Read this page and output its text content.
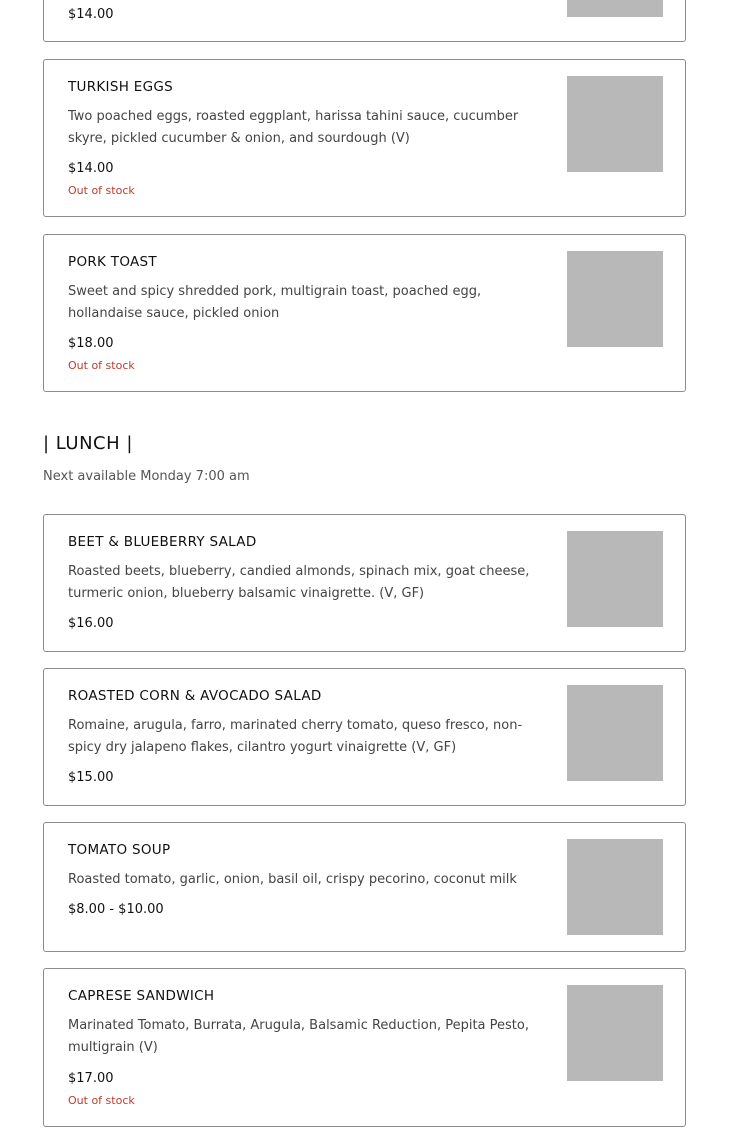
$14.00
TURKISH EGGS
Two poached eggs, roasted eggplant, harissa tahini sauce, cucumber skyre, pickled cucumber & onion, and sourdough (V)
$14.00
Out of stock
PORK TOAST
Sweet and spicy shredded pork, multigrain toast, poached egg, hollandaise sauce, pickled onion
$18.00
Out of stock
| LUNCH |
Next available Monday 7:00 am
BEET & BLUEBERRY SALAD
Roasted beets, blueberry, candied almonds, spinach mix, goat cheese, turmeric onion, blueberry balsamic vinaigrette. (V, GF)
$16.00
ROASTED CORN & AVOCADO SALAD
Romaine, arugula, farro, marinated cherry tomato, queso fresco, non-spicy dry jalapeno flakes, cilantro yogurt vinaigrette (V, GF)
$15.00
TOMATO SOUP
Roasted tomato, garlic, onion, basil oil, crispy pecorino, coconut milk
$8.00 - $10.00
CAPRESE SANDWICH
Marinated Tomato, Burrata, Arugula, Balsamic Reduction, Pepita Pesto, multigrain (V)
$17.00
Out of stock
